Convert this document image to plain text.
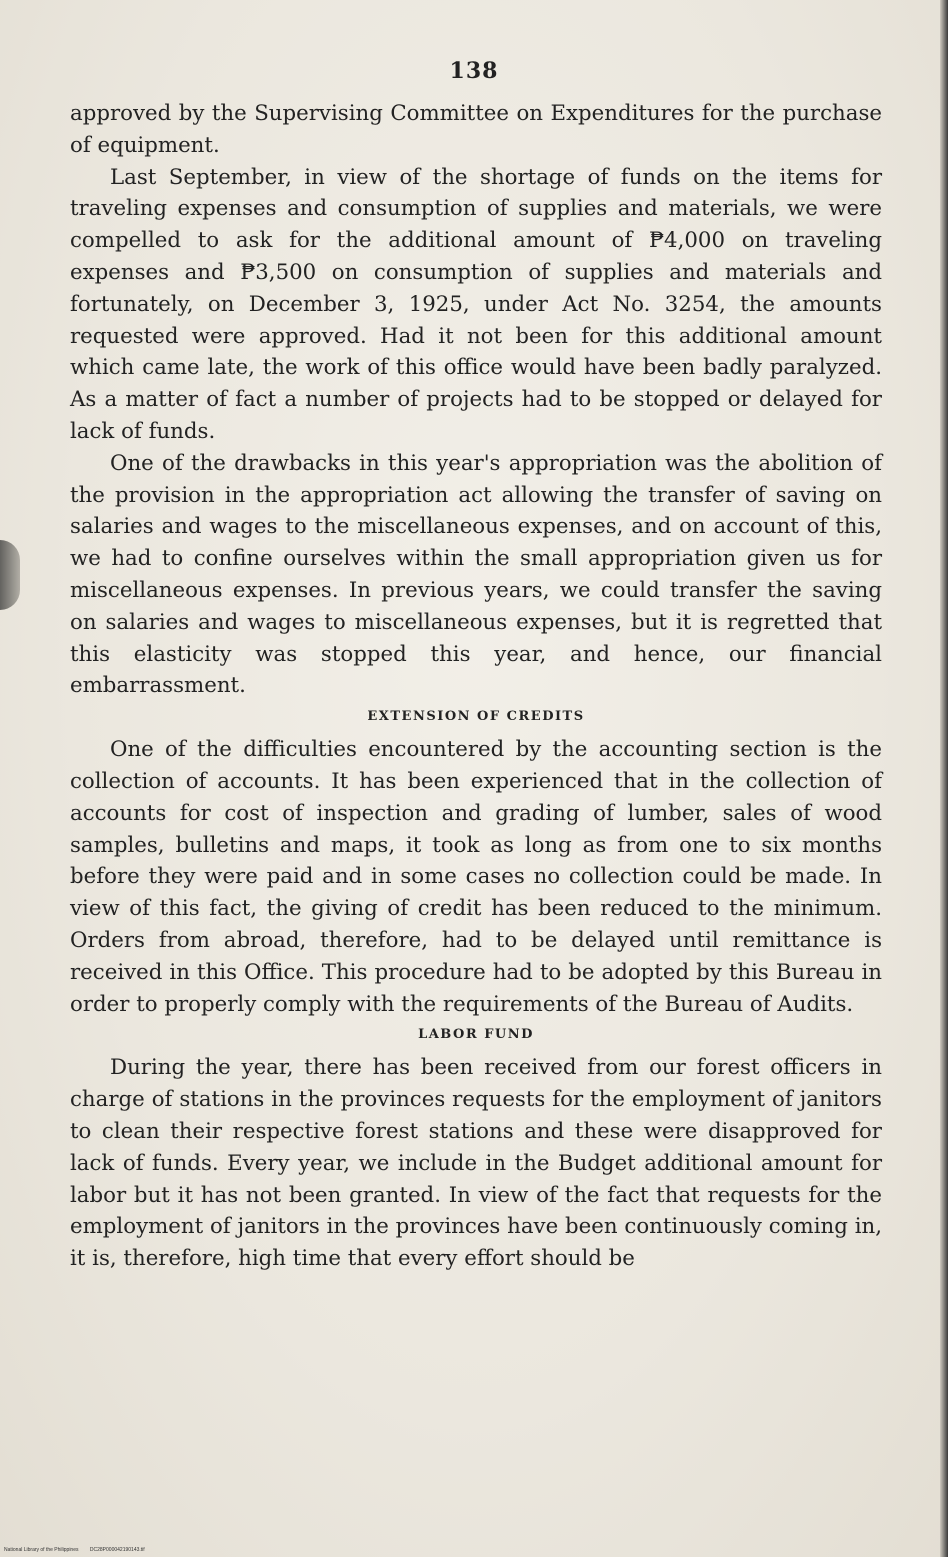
138

approved by the Supervising Committee on Expenditures for the purchase of equipment.

Last September, in view of the shortage of funds on the items for traveling expenses and consumption of supplies and materials, we were compelled to ask for the additional amount of ₱4,000 on traveling expenses and ₱3,500 on consumption of supplies and materials and fortunately, on December 3, 1925, under Act No. 3254, the amounts requested were approved. Had it not been for this additional amount which came late, the work of this office would have been badly paralyzed. As a matter of fact a number of projects had to be stopped or delayed for lack of funds.

One of the drawbacks in this year's appropriation was the abolition of the provision in the appropriation act allowing the transfer of saving on salaries and wages to the miscellaneous expenses, and on account of this, we had to confine ourselves within the small appropriation given us for miscellaneous expenses. In previous years, we could transfer the saving on salaries and wages to miscellaneous expenses, but it is regretted that this elasticity was stopped this year, and hence, our financial embarrassment.

EXTENSION OF CREDITS

One of the difficulties encountered by the accounting section is the collection of accounts. It has been experienced that in the collection of accounts for cost of inspection and grading of lumber, sales of wood samples, bulletins and maps, it took as long as from one to six months before they were paid and in some cases no collection could be made. In view of this fact, the giving of credit has been reduced to the minimum. Orders from abroad, therefore, had to be delayed until remittance is received in this Office. This procedure had to be adopted by this Bureau in order to properly comply with the requirements of the Bureau of Audits.

LABOR FUND

During the year, there has been received from our forest officers in charge of stations in the provinces requests for the employment of janitors to clean their respective forest stations and these were disapproved for lack of funds. Every year, we include in the Budget additional amount for labor but it has not been granted. In view of the fact that requests for the employment of janitors in the provinces have been continuously coming in, it is, therefore, high time that every effort should be

National Library of the Philippines DC28P000042190143.tif
